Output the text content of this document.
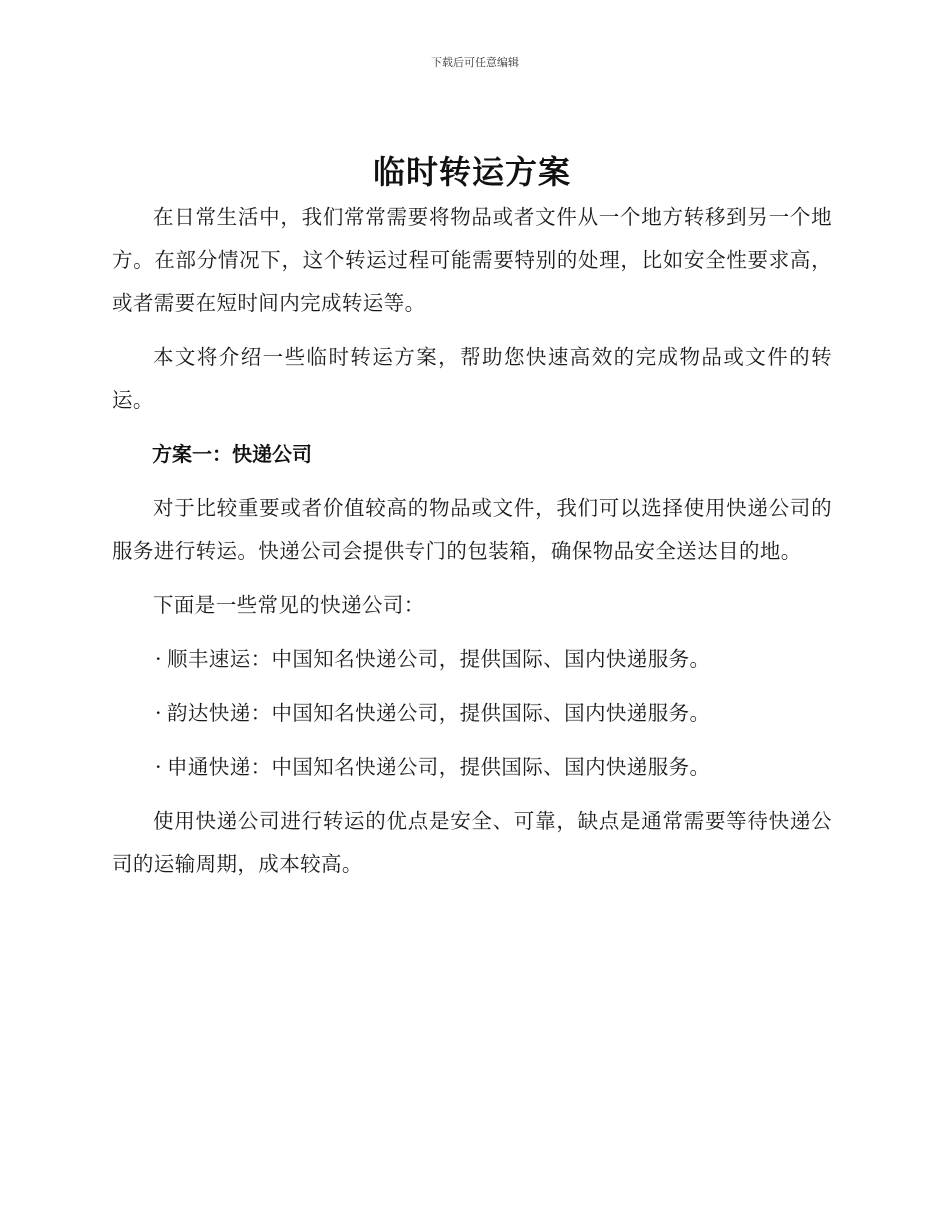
下载后可任意编辑
临时转运方案

在日常生活中，我们常常需要将物品或者文件从一个地方转移到另一个地方。在部分情况下，这个转运过程可能需要特别的处理，比如安全性要求高，或者需要在短时间内完成转运等。

本文将介绍一些临时转运方案，帮助您快速高效的完成物品或文件的转运。

方案一：快递公司

对于比较重要或者价值较高的物品或文件，我们可以选择使用快递公司的服务进行转运。快递公司会提供专门的包装箱，确保物品安全送达目的地。

下面是一些常见的快递公司：

· 顺丰速运：中国知名快递公司，提供国际、国内快递服务。
· 韵达快递：中国知名快递公司，提供国际、国内快递服务。
· 申通快递：中国知名快递公司，提供国际、国内快递服务。

使用快递公司进行转运的优点是安全、可靠，缺点是通常需要等待快递公司的运输周期，成本较高。
